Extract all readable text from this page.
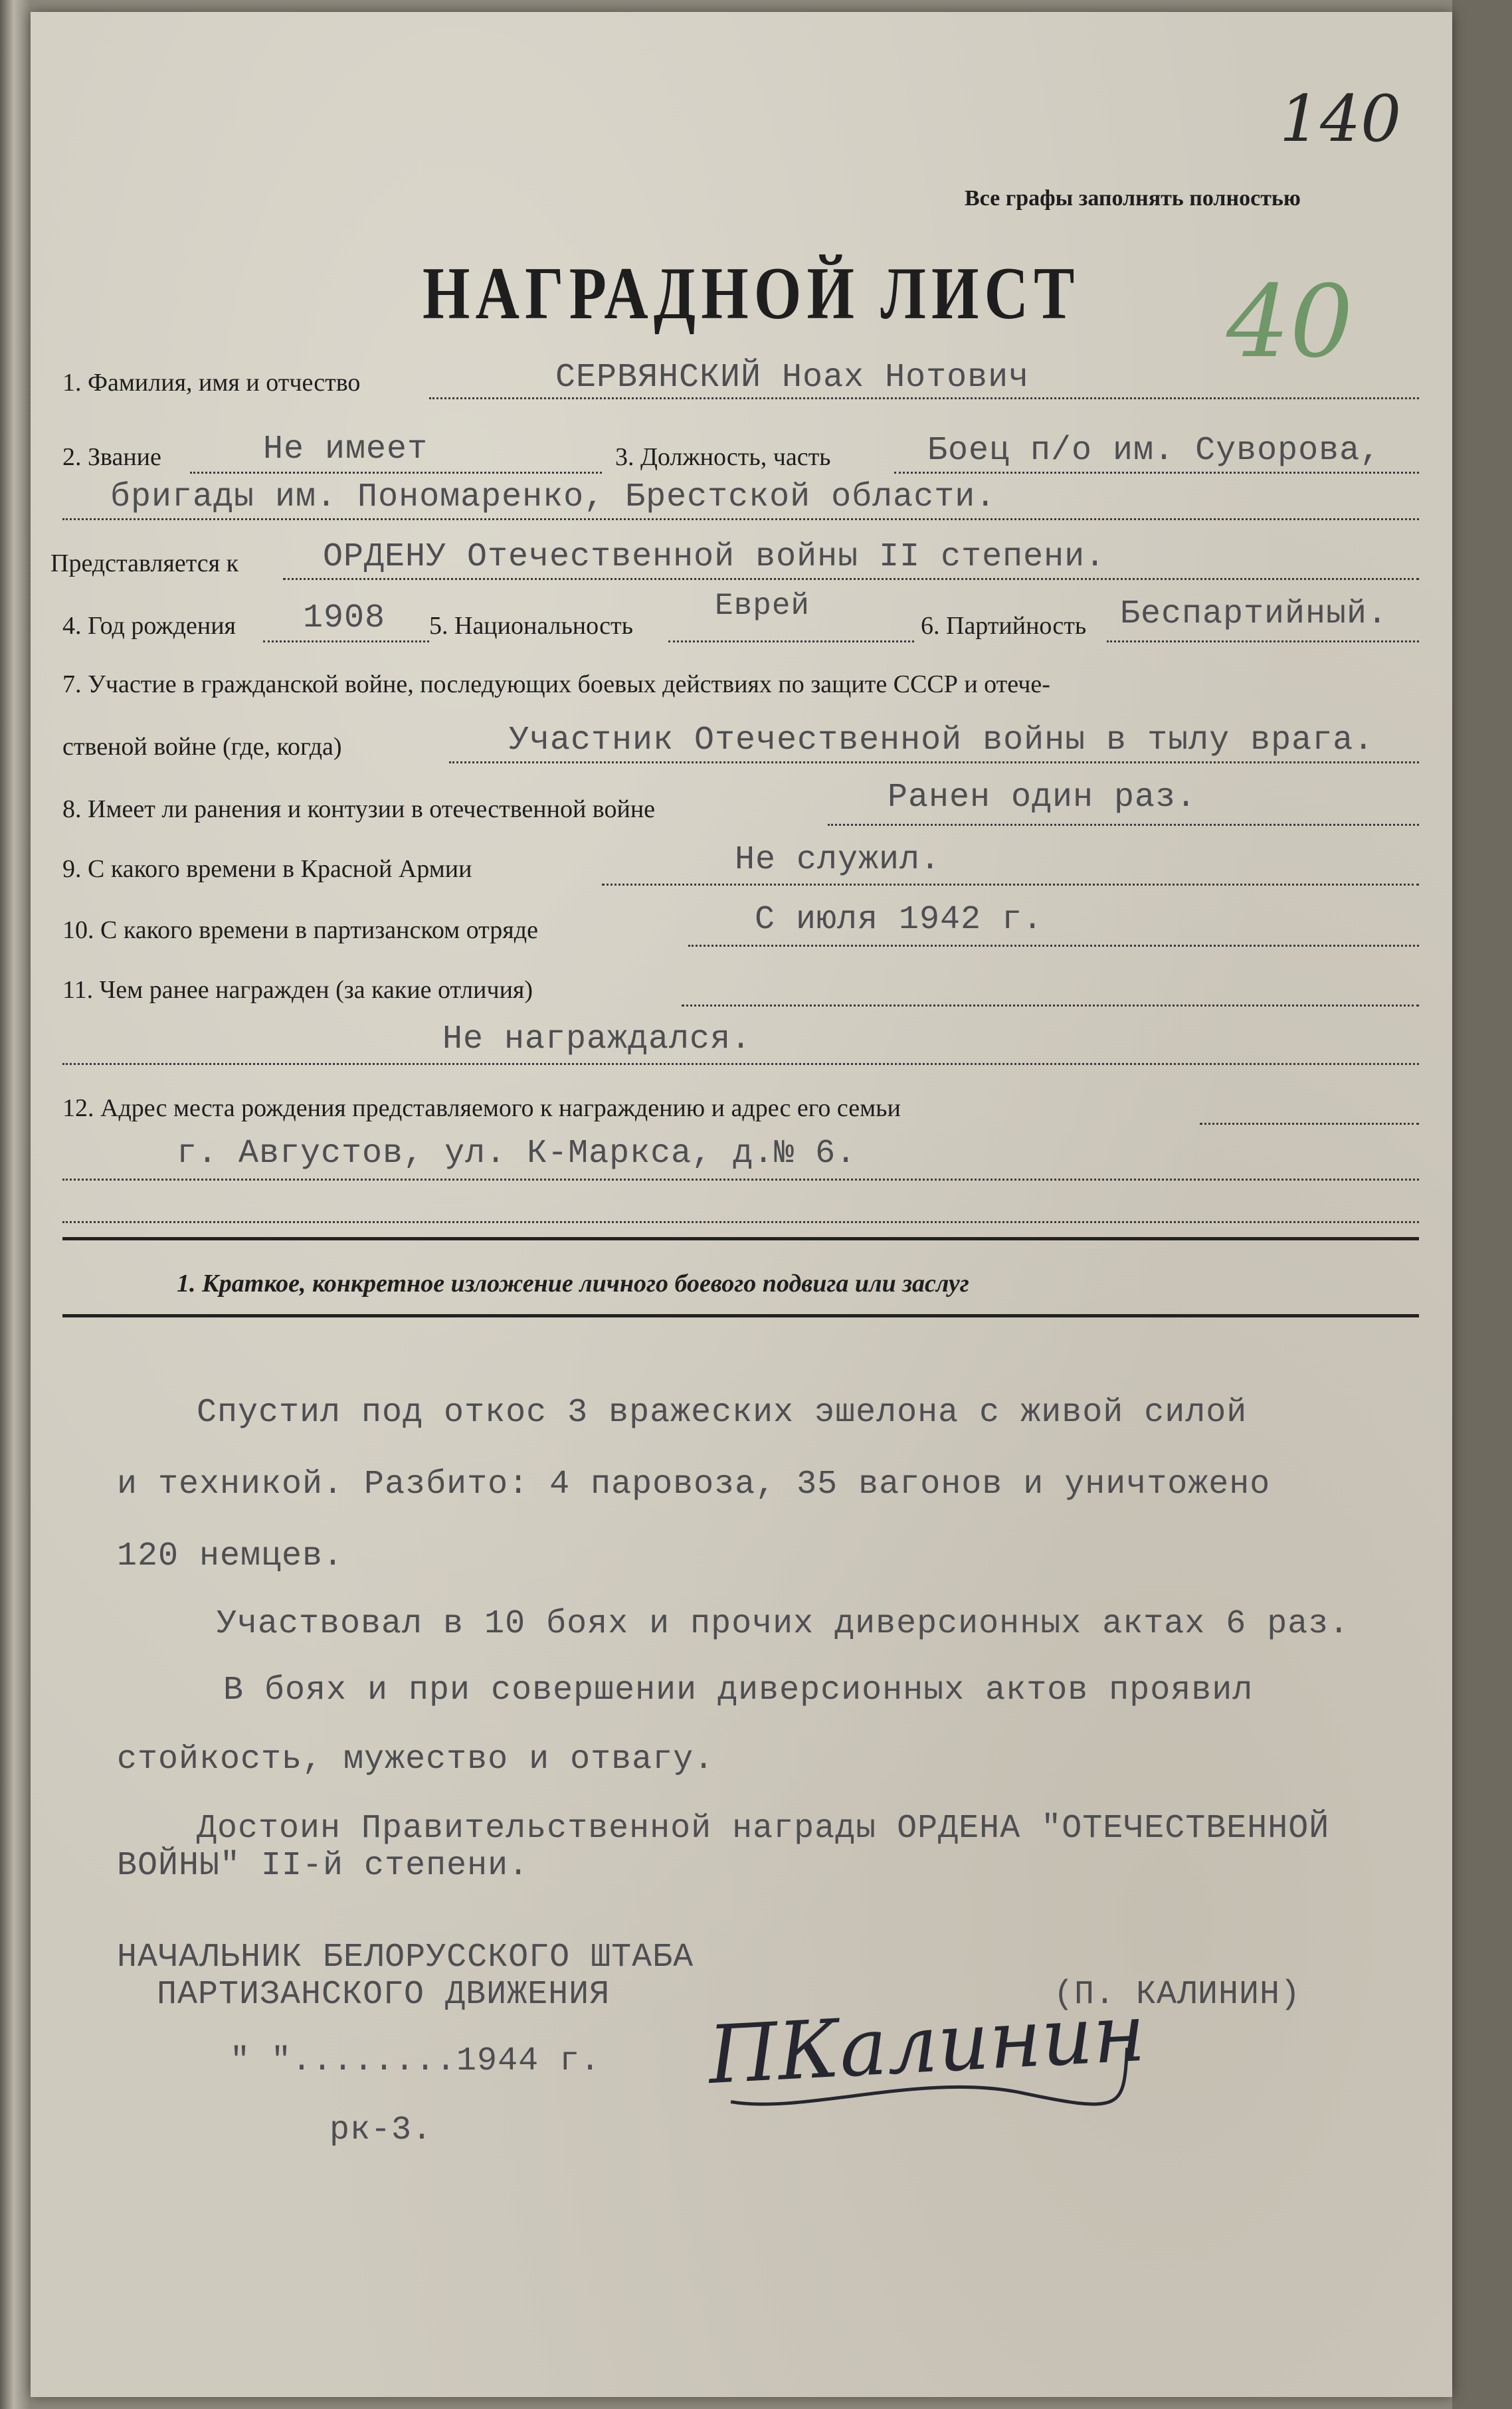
140
Все графы заполнять полностью
НАГРАДНОЙ ЛИСТ 40
1. Фамилия, имя и отчество	СЕРВЯНСКИЙ Ноах Нотович
2. Звание	Не имеет	3. Должность, часть	Боец п/о им. Суворова,
бригады им. Пономаренко, Брестской области.
Представляется к	ОРДЕНУ Отечественной войны II степени.
4. Год рождения 1908 5. Национальность
Еврей
6. Партийность Беспартийный.
7. Участие в гражданской войне, последующих боевых действиях по защите СССР и отече-
ственой войне (где, когда)	Участник Отечественной войны в тылу врага.
8. Имеет ли ранения и контузии в отечественной войне	Ранен один раз.
9. С какого времени в Красной Армии	Не служил.
10. С какого времени в партизанском отряде	С июля 1942 г.
11. Чем ранее награжден (за какие отличия)
Не награждался.
12. Адрес места рождения представляемого к награждению и адрес его семьи
г. Августов, ул. К-Маркса, д.№ 6.
1. Краткое, конкретное изложение личного боевого подвига или заслуг
Спустил под откос 3 вражеских эшелона с живой силой
и техникой. Разбито: 4 паровоза, 35 вагонов и уничтожено
120 немцев.
Участвовал в 10 боях и прочих диверсионных актах 6 раз.
В боях и при совершении диверсионных актов проявил
стойкость, мужество и отвагу.
Достоин Правительственной награды ОРДЕНА "ОТЕЧЕСТВЕННОЙ
ВОЙНЫ" II-й степени.
НАЧАЛЬНИК БЕЛОРУССКОГО ШТАБА
ПАРТИЗАНСКОГО ДВИЖЕНИЯ	(П. КАЛИНИН)
" "........1944 г. ПКалинин
рк-3.
